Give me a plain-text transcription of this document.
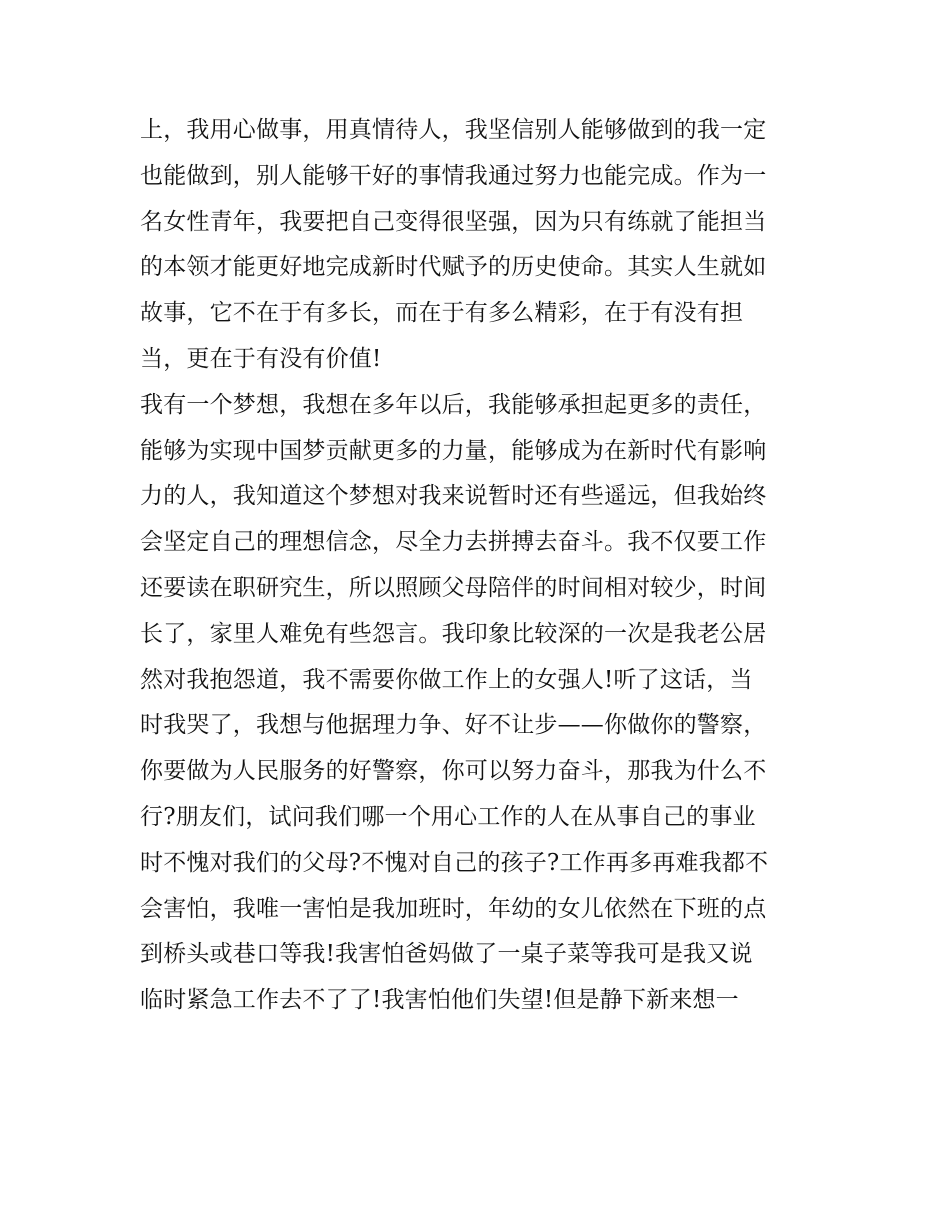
上，我用心做事，用真情待人，我坚信别人能够做到的我一定
也能做到，别人能够干好的事情我通过努力也能完成。作为一
名女性青年，我要把自己变得很坚强，因为只有练就了能担当
的本领才能更好地完成新时代赋予的历史使命。其实人生就如
故事，它不在于有多长，而在于有多么精彩，在于有没有担
当，更在于有没有价值!
我有一个梦想，我想在多年以后，我能够承担起更多的责任，
能够为实现中国梦贡献更多的力量，能够成为在新时代有影响
力的人，我知道这个梦想对我来说暂时还有些遥远，但我始终
会坚定自己的理想信念，尽全力去拼搏去奋斗。我不仅要工作
还要读在职研究生，所以照顾父母陪伴的时间相对较少，时间
长了，家里人难免有些怨言。我印象比较深的一次是我老公居
然对我抱怨道，我不需要你做工作上的女强人!听了这话，当
时我哭了，我想与他据理力争、好不让步——你做你的警察，
你要做为人民服务的好警察，你可以努力奋斗，那我为什么不
行?朋友们，试问我们哪一个用心工作的人在从事自己的事业
时不愧对我们的父母?不愧对自己的孩子?工作再多再难我都不
会害怕，我唯一害怕是我加班时，年幼的女儿依然在下班的点
到桥头或巷口等我!我害怕爸妈做了一桌子菜等我可是我又说
临时紧急工作去不了了!我害怕他们失望!但是静下新来想一
